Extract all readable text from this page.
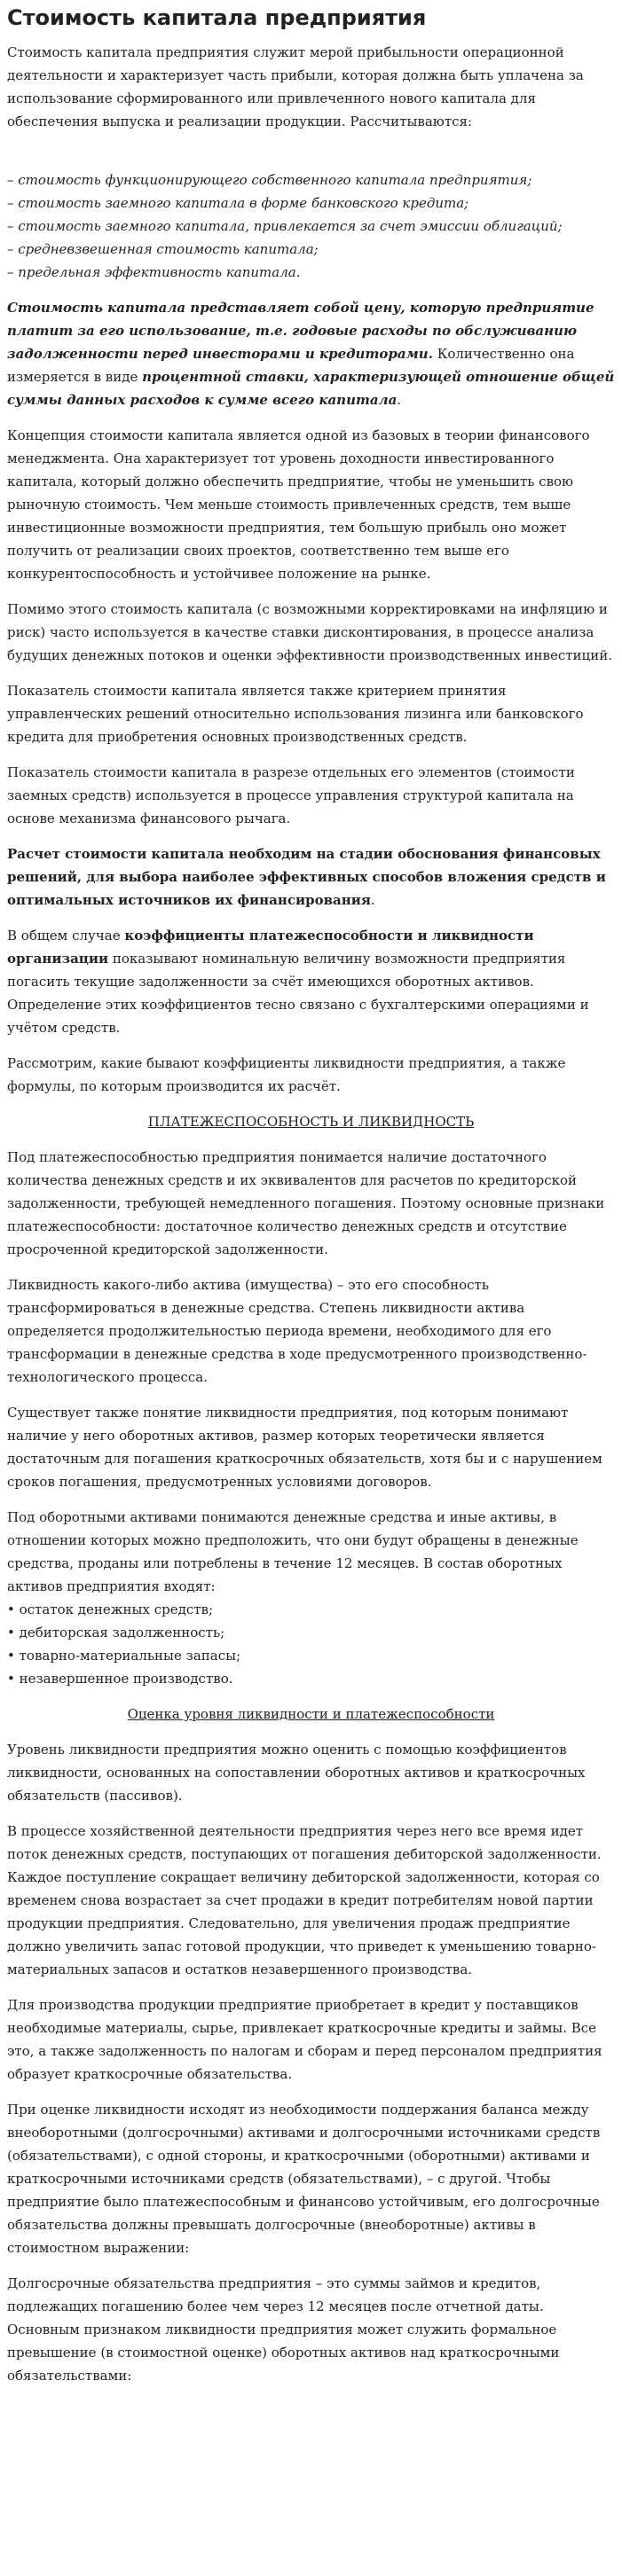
Стоимость капитала предприятия

Стоимость капитала предприятия служит мерой прибыльности операционной деятельности и характеризует часть прибыли, которая должна быть уплачена за использование сформированного или привлеченного нового капитала для обеспечения выпуска и реализации продукции. Рассчитываются:

– стоимость функционирующего собственного капитала предприятия;

– стоимость заемного капитала в форме банковского кредита;

– стоимость заемного капитала, привлекается за счет эмиссии облигаций;

– средневзвешенная стоимость капитала;

– предельная эффективность капитала.

Стоимость капитала представляет собой цену, которую предприятие платит за его использование, т.е. годовые расходы по обслуживанию задолженности перед инвесторами и кредиторами. Количественно она измеряется в виде процентной ставки, характеризующей отношение общей суммы данных расходов к сумме всего капитала.

Концепция стоимости капитала является одной из базовых в теории финансового менеджмента. Она характеризует тот уровень доходности инвестированного капитала, который должно обеспечить предприятие, чтобы не уменьшить свою рыночную стоимость. Чем меньше стоимость привлеченных средств, тем выше инвестиционные возможности предприятия, тем большую прибыль оно может получить от реализации своих проектов, соответственно тем выше его конкурентоспособность и устойчивее положение на рынке.

Помимо этого стоимость капитала (с возможными корректировками на инфляцию и риск) часто используется в качестве ставки дисконтирования, в процессе анализа будущих денежных потоков и оценки эффективности производственных инвестиций.

Показатель стоимости капитала является также критерием принятия управленческих решений относительно использования лизинга или банковского кредита для приобретения основных производственных средств.

Показатель стоимости капитала в разрезе отдельных его элементов (стоимости заемных средств) используется в процессе управления структурой капитала на основе механизма финансового рычага.

Расчет стоимости капитала необходим на стадии обоснования финансовых решений, для выбора наиболее эффективных способов вложения средств и оптимальных источников их финансирования.

В общем случае коэффициенты платежеспособности и ликвидности организации показывают номинальную величину возможности предприятия погасить текущие задолженности за счёт имеющихся оборотных активов. Определение этих коэффициентов тесно связано с бухгалтерскими операциями и учётом средств.

Рассмотрим, какие бывают коэффициенты ликвидности предприятия, а также формулы, по которым производится их расчёт.

ПЛАТЕЖЕСПОСОБНОСТЬ И ЛИКВИДНОСТЬ

Под платежеспособностью предприятия понимается наличие достаточного количества денежных средств и их эквивалентов для расчетов по кредиторской задолженности, требующей немедленного погашения. Поэтому основные признаки платежеспособности: достаточное количество денежных средств и отсутствие просроченной кредиторской задолженности.

Ликвидность какого-либо актива (имущества) – это его способность трансформироваться в денежные средства. Степень ликвидности актива определяется продолжительностью периода времени, необходимого для его трансформации в денежные средства в ходе предусмотренного производственно-технологического процесса.

Существует также понятие ликвидности предприятия, под которым понимают наличие у него оборотных активов, размер которых теоретически является достаточным для погашения краткосрочных обязательств, хотя бы и с нарушением сроков погашения, предусмотренных условиями договоров.

Под оборотными активами понимаются денежные средства и иные активы, в отношении которых можно предположить, что они будут обращены в денежные средства, проданы или потреблены в течение 12 месяцев. В состав оборотных активов предприятия входят:

• остаток денежных средств;

• дебиторская задолженность;

• товарно-материальные запасы;

• незавершенное производство.

Оценка уровня ликвидности и платежеспособности

Уровень ликвидности предприятия можно оценить с помощью коэффициентов ликвидности, основанных на сопоставлении оборотных активов и краткосрочных обязательств (пассивов).

В процессе хозяйственной деятельности предприятия через него все время идет поток денежных средств, поступающих от погашения дебиторской задолженности. Каждое поступление сокращает величину дебиторской задолженности, которая со временем снова возрастает за счет продажи в кредит потребителям новой партии продукции предприятия. Следовательно, для увеличения продаж предприятие должно увеличить запас готовой продукции, что приведет к уменьшению товарно-материальных запасов и остатков незавершенного производства.

Для производства продукции предприятие приобретает в кредит у поставщиков необходимые материалы, сырье, привлекает краткосрочные кредиты и займы. Все это, а также задолженность по налогам и сборам и перед персоналом предприятия образует краткосрочные обязательства.

При оценке ликвидности исходят из необходимости поддержания баланса между внеоборотными (долгосрочными) активами и долгосрочными источниками средств (обязательствами), с одной стороны, и краткосрочными (оборотными) активами и краткосрочными источниками средств (обязательствами), – с другой. Чтобы предприятие было платежеспособным и финансово устойчивым, его долгосрочные обязательства должны превышать долгосрочные (внеоборотные) активы в стоимостном выражении:

Долгосрочные обязательства предприятия – это суммы займов и кредитов, подлежащих погашению более чем через 12 месяцев после отчетной даты. Основным признаком ликвидности предприятия может служить формальное превышение (в стоимостной оценке) оборотных активов над краткосрочными обязательствами:
